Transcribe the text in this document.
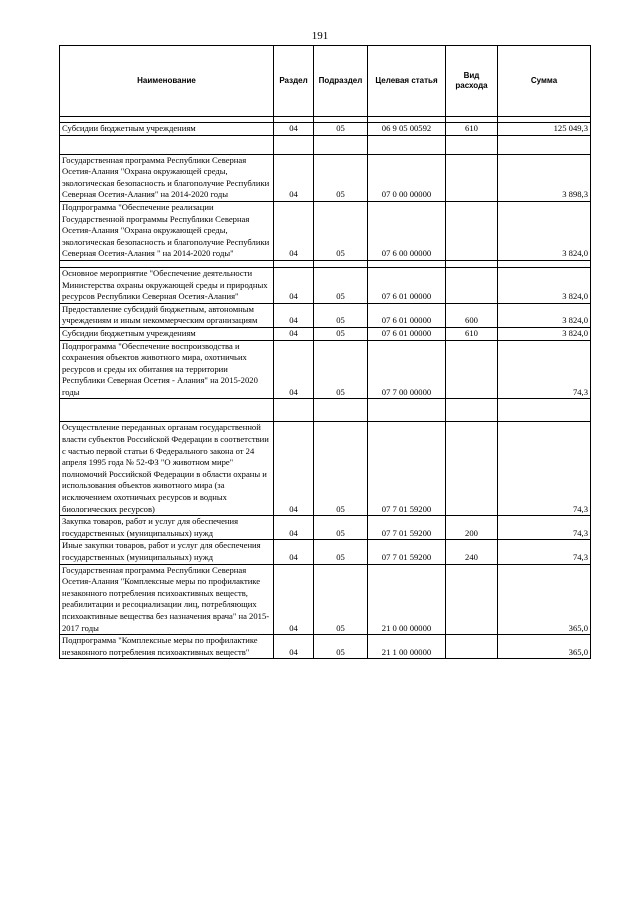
191
Наименование	Раздел	Подраздел	Целевая статья	Вид расхода	Сумма

Субсидии бюджетным учреждениям	04	05	06 9 05 00592	610	125 049,3

Государственная программа Республики Северная Осетия-Алания "Охрана окружающей среды, экологическая безопасность и благополучие Республики Северная Осетия-Алания" на 2014-2020 годы	04	05	07 0 00 00000		3 898,3
Подпрограмма "Обеспечение реализации Государственной программы Республики Северная Осетия-Алания "Охрана окружающей среды, экологическая безопасность и благополучие Республики Северная Осетия-Алания " на 2014-2020 годы"	04	05	07 6 00 00000		3 824,0

Основное мероприятие "Обеспечение деятельности Министерства охраны окружающей среды и природных ресурсов Республики Северная Осетия-Алания"	04	05	07 6 01 00000		3 824,0
Предоставление субсидий бюджетным, автономным учреждениям и иным некоммерческим организациям	04	05	07 6 01 00000	600	3 824,0
Субсидии бюджетным учреждениям	04	05	07 6 01 00000	610	3 824,0
Подпрограмма "Обеспечение воспроизводства и сохранения объектов животного мира, охотничьих ресурсов и среды их обитания на территории Республики Северная Осетия - Алания" на 2015-2020 годы	04	05	07 7 00 00000		74,3

Осуществление переданных органам государственной власти субъектов Российской Федерации в соответствии с частью первой статьи 6 Федерального закона от 24 апреля 1995 года № 52-ФЗ "О животном мире" полномочий Российской Федерации в области охраны и использования объектов животного мира (за исключением охотничьих ресурсов и водных биологических ресурсов)	04	05	07 7 01 59200		74,3
Закупка товаров, работ и услуг для обеспечения государственных (муниципальных) нужд	04	05	07 7 01 59200	200	74,3
Иные закупки товаров, работ и услуг для обеспечения государственных (муниципальных) нужд	04	05	07 7 01 59200	240	74,3
Государственная программа Республики Северная Осетия-Алания "Комплексные меры по профилактике незаконного потребления психоактивных веществ, реабилитации и ресоциализации лиц, потребляющих психоактивные вещества без назначения врача" на 2015-2017 годы	04	05	21 0 00 00000		365,0
Подпрограмма "Комплексные меры по профилактике незаконного потребления психоактивных веществ"	04	05	21 1 00 00000		365,0
